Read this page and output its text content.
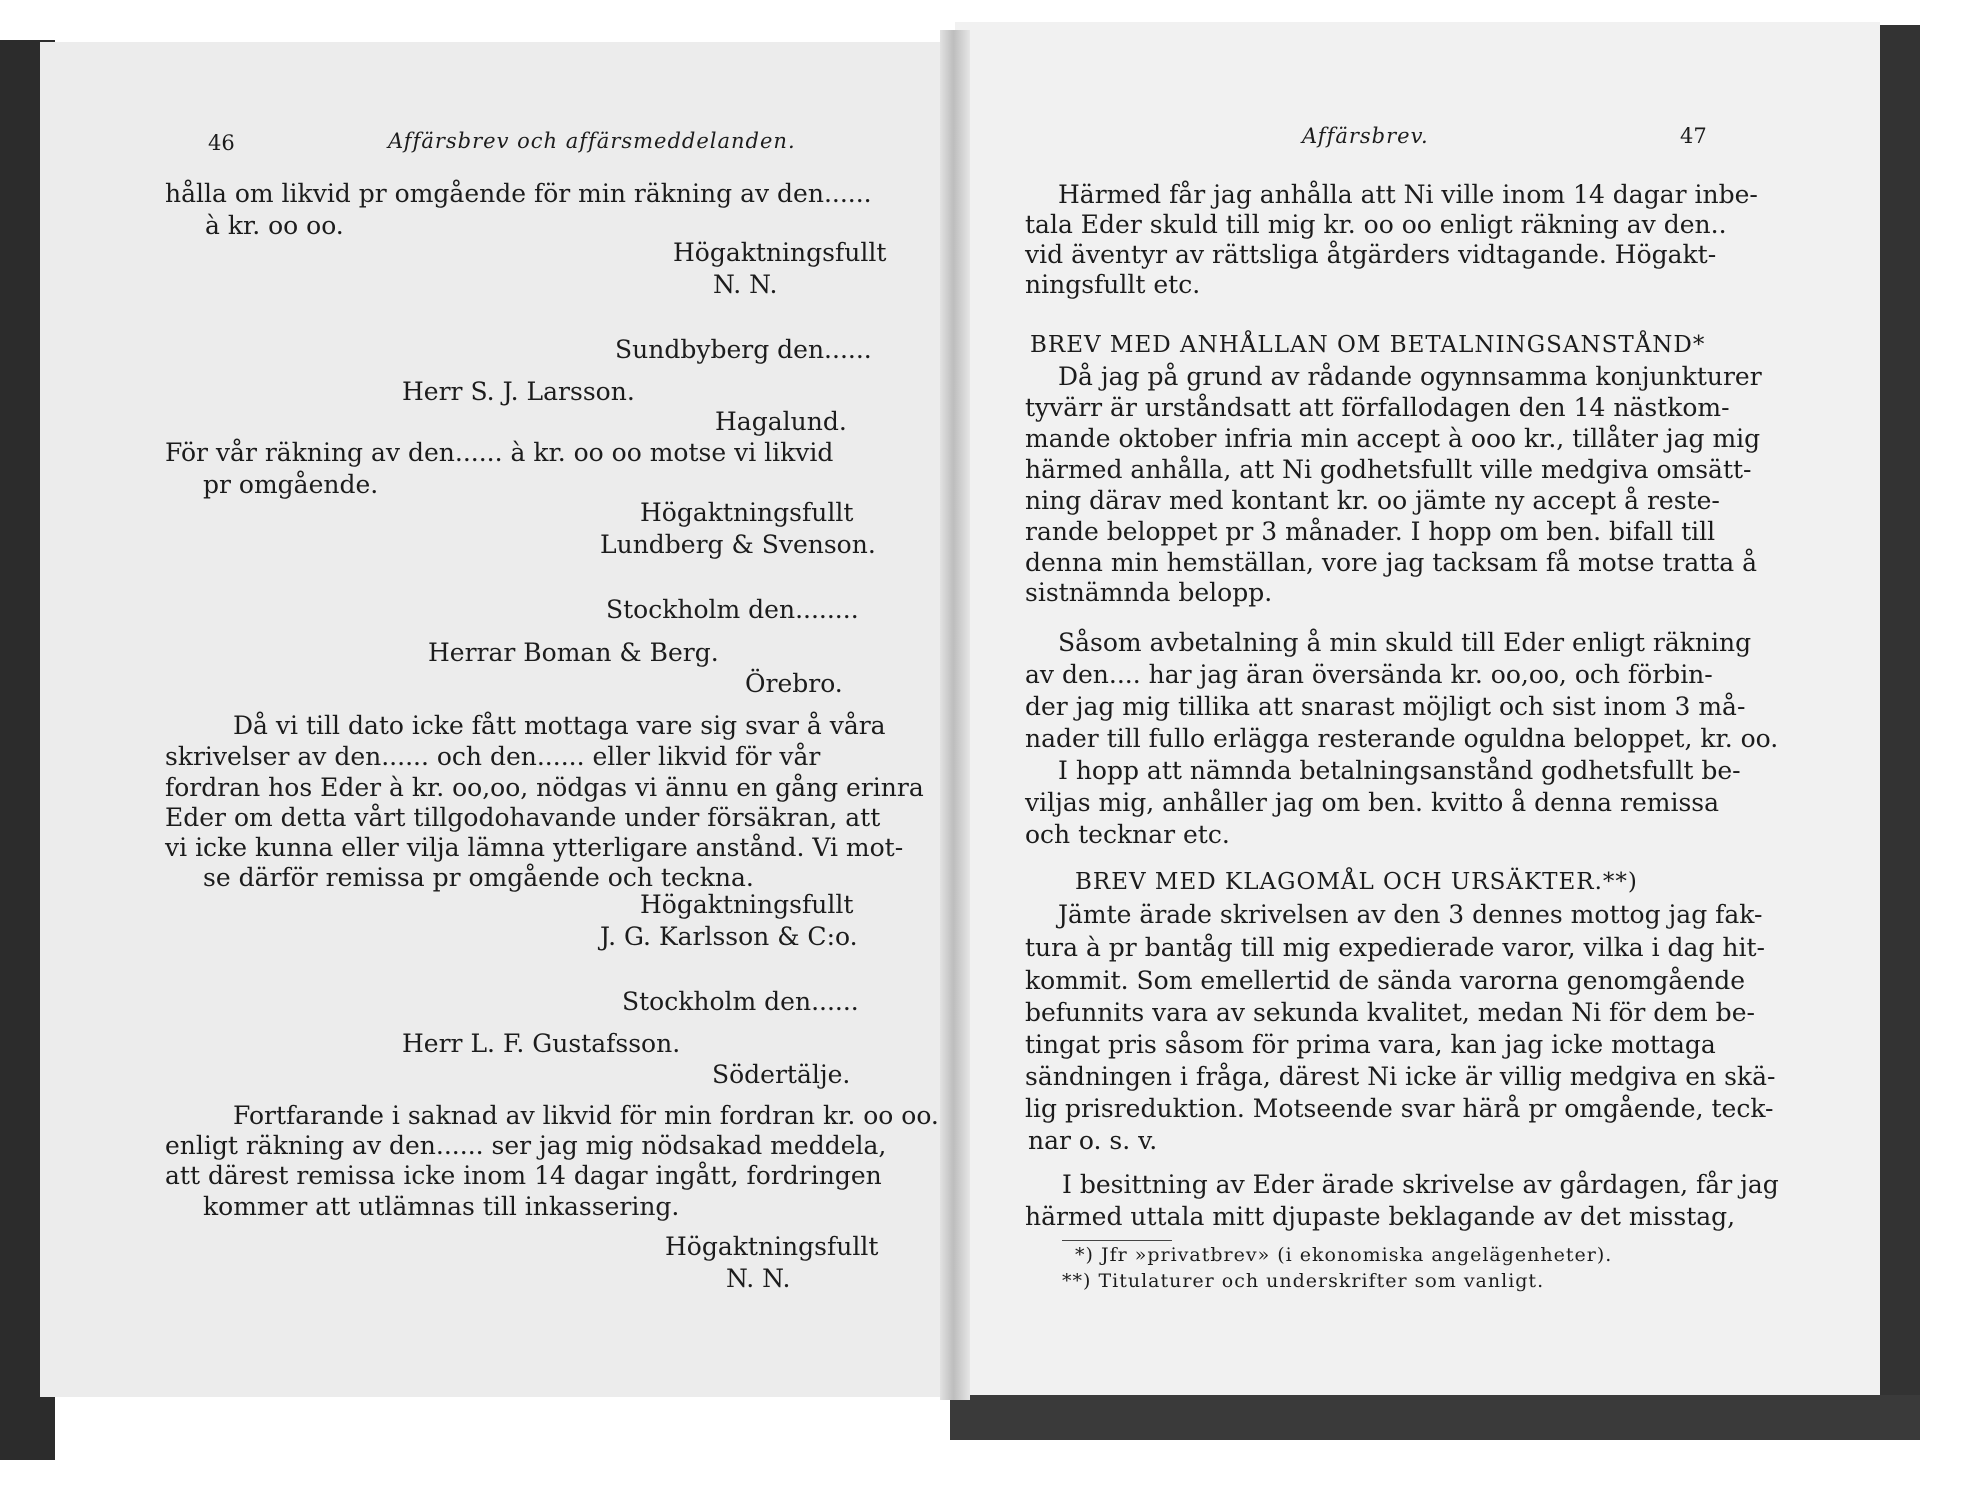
46	Affärsbrev och affärsmeddelanden.
hålla om likvid pr omgående för min räkning av den......
à kr. oo oo.
Högaktningsfullt
N. N.
Sundbyberg den......
Herr S. J. Larsson.
Hagalund.
För vår räkning av den...... à kr. oo oo motse vi likvid
pr omgående.
Högaktningsfullt
Lundberg & Svenson.
Stockholm den........
Herrar Boman & Berg.
Örebro.
Då vi till dato icke fått mottaga vare sig svar å våra
skrivelser av den...... och den...... eller likvid för vår
fordran hos Eder à kr. oo,oo, nödgas vi ännu en gång erinra
Eder om detta vårt tillgodohavande under försäkran, att
vi icke kunna eller vilja lämna ytterligare anstånd. Vi mot-
se därför remissa pr omgående och teckna.
Högaktningsfullt
J. G. Karlsson & C:o.
Stockholm den......
Herr L. F. Gustafsson.
Södertälje.
Fortfarande i saknad av likvid för min fordran kr. oo oo.
enligt räkning av den...... ser jag mig nödsakad meddela,
att därest remissa icke inom 14 dagar ingått, fordringen
kommer att utlämnas till inkassering.
Högaktningsfullt
N. N.
Affärsbrev.	47
Härmed får jag anhålla att Ni ville inom 14 dagar inbe-
tala Eder skuld till mig kr. oo oo enligt räkning av den..
vid äventyr av rättsliga åtgärders vidtagande. Högakt-
ningsfullt etc.
BREV MED ANHÅLLAN OM BETALNINGSANSTÅND*
Då jag på grund av rådande ogynnsamma konjunkturer
tyvärr är urståndsatt att förfallodagen den 14 nästkom-
mande oktober infria min accept à ooo kr., tillåter jag mig
härmed anhålla, att Ni godhetsfullt ville medgiva omsätt-
ning därav med kontant kr. oo jämte ny accept å reste-
rande beloppet pr 3 månader. I hopp om ben. bifall till
denna min hemställan, vore jag tacksam få motse tratta å
sistnämnda belopp.
Såsom avbetalning å min skuld till Eder enligt räkning
av den.... har jag äran översända kr. oo,oo, och förbin-
der jag mig tillika att snarast möjligt och sist inom 3 må-
nader till fullo erlägga resterande oguldna beloppet, kr. oo.
I hopp att nämnda betalningsanstånd godhetsfullt be-
viljas mig, anhåller jag om ben. kvitto å denna remissa
och tecknar etc.
BREV MED KLAGOMÅL OCH URSÄKTER.**)
Jämte ärade skrivelsen av den 3 dennes mottog jag fak-
tura à pr bantåg till mig expedierade varor, vilka i dag hit-
kommit. Som emellertid de sända varorna genomgående
befunnits vara av sekunda kvalitet, medan Ni för dem be-
tingat pris såsom för prima vara, kan jag icke mottaga
sändningen i fråga, därest Ni icke är villig medgiva en skä-
lig prisreduktion. Motseende svar härå pr omgående, teck-
nar o. s. v.
I besittning av Eder ärade skrivelse av gårdagen, får jag
härmed uttala mitt djupaste beklagande av det misstag,
*) Jfr »privatbrev» (i ekonomiska angelägenheter).
**) Titulaturer och underskrifter som vanligt.
